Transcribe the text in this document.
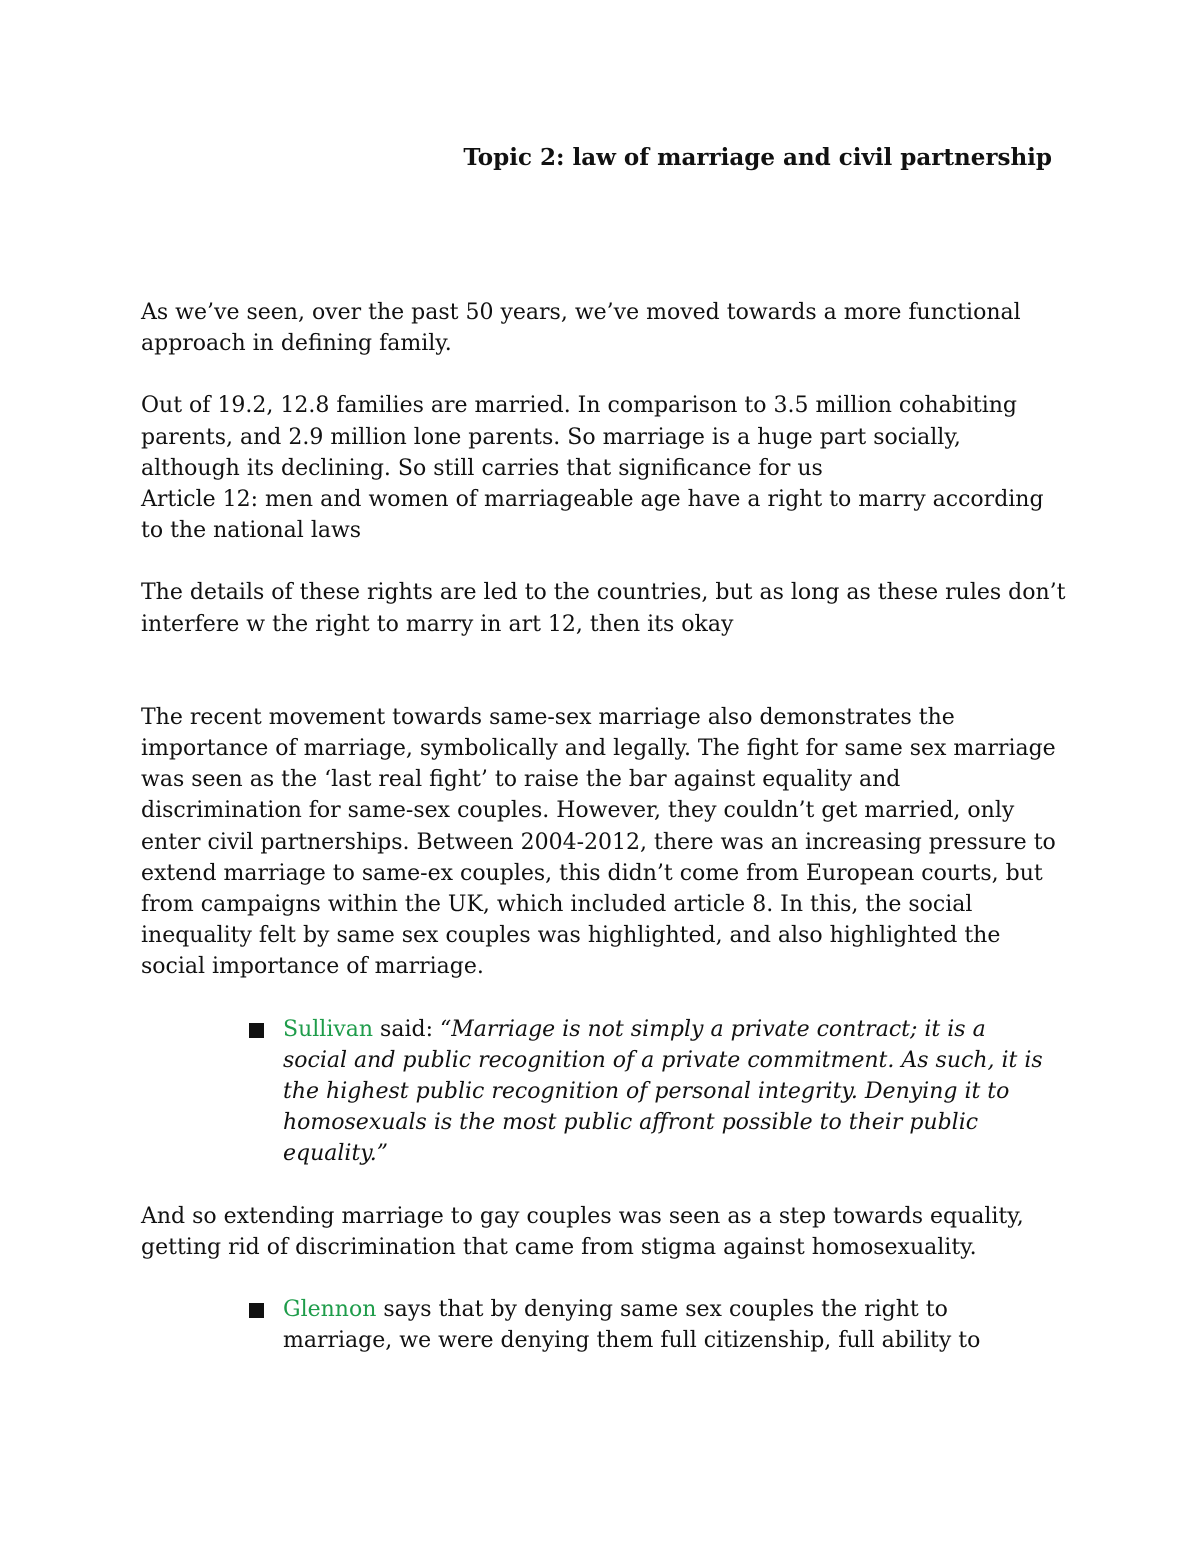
Topic 2: law of marriage and civil partnership

As we’ve seen, over the past 50 years, we’ve moved towards a more functional approach in defining family.

Out of 19.2, 12.8 families are married. In comparison to 3.5 million cohabiting parents, and 2.9 million lone parents. So marriage is a huge part socially, although its declining. So still carries that significance for us

Article 12: men and women of marriageable age have a right to marry according to the national laws

The details of these rights are led to the countries, but as long as these rules don’t interfere w the right to marry in art 12, then its okay

The recent movement towards same-sex marriage also demonstrates the importance of marriage, symbolically and legally. The fight for same sex marriage was seen as the ‘last real fight’ to raise the bar against equality and discrimination for same-sex couples. However, they couldn’t get married, only enter civil partnerships. Between 2004-2012, there was an increasing pressure to extend marriage to same-ex couples, this didn’t come from European courts, but from campaigns within the UK, which included article 8. In this, the social inequality felt by same sex couples was highlighted, and also highlighted the social importance of marriage.

Sullivan said: “Marriage is not simply a private contract; it is a social and public recognition of a private commitment. As such, it is the highest public recognition of personal integrity. Denying it to homosexuals is the most public affront possible to their public equality.”

And so extending marriage to gay couples was seen as a step towards equality, getting rid of discrimination that came from stigma against homosexuality.

Glennon says that by denying same sex couples the right to marriage, we were denying them full citizenship, full ability to
